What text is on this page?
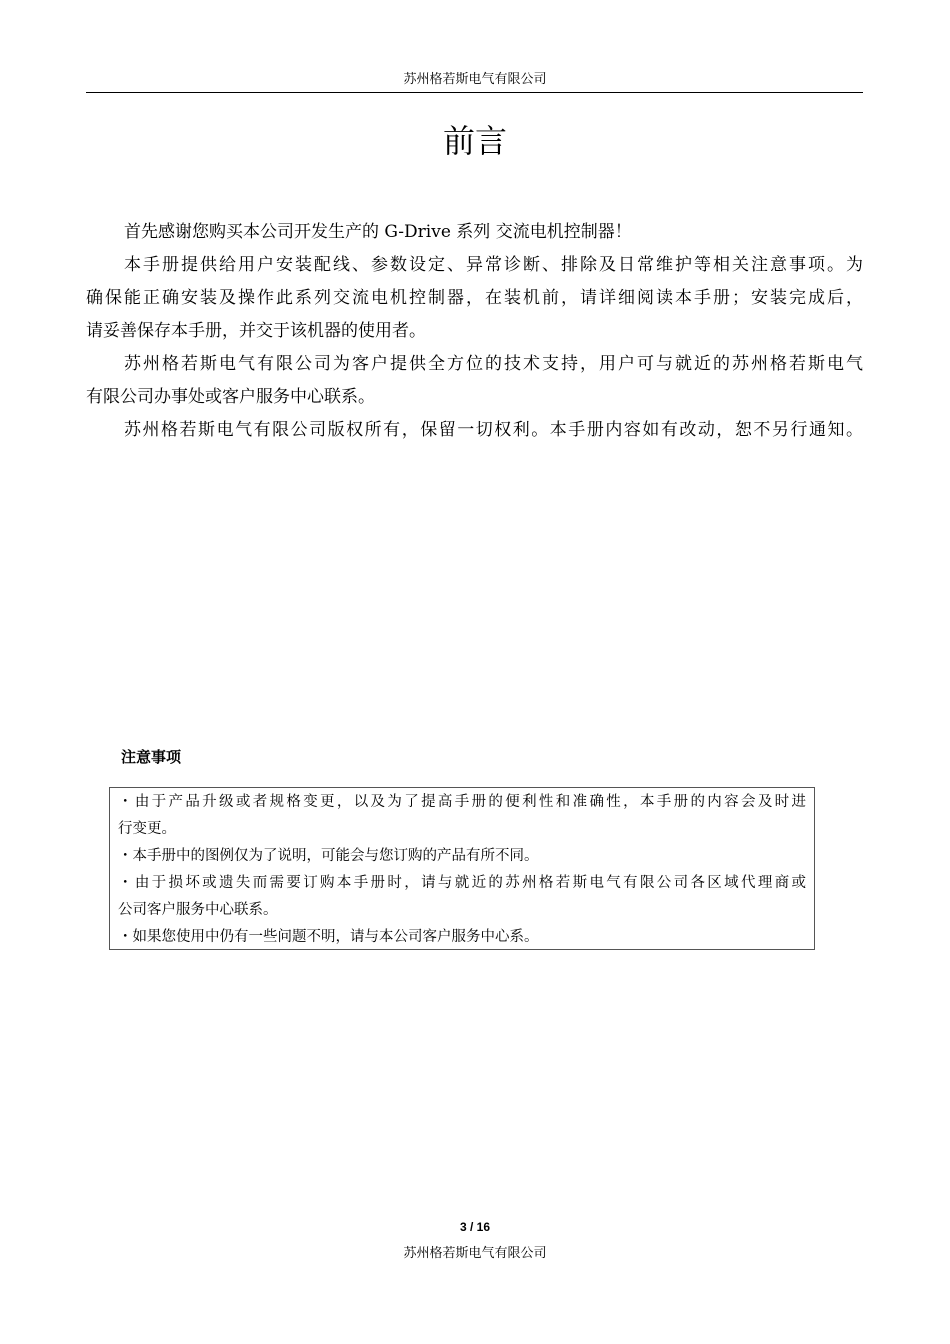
苏州格若斯电气有限公司
前言
首先感谢您购买本公司开发生产的 G-Drive 系列 交流电机控制器！
本手册提供给用户安装配线、参数设定、异常诊断、排除及日常维护等相关注意事项。为
确保能正确安装及操作此系列交流电机控制器，在装机前，请详细阅读本手册；安装完成后，
请妥善保存本手册，并交于该机器的使用者。
苏州格若斯电气有限公司为客户提供全方位的技术支持，用户可与就近的苏州格若斯电气
有限公司办事处或客户服务中心联系。
苏州格若斯电气有限公司版权所有，保留一切权利。本手册内容如有改动，恕不另行通知。
注意事项
・由于产品升级或者规格变更，以及为了提高手册的便利性和准确性，本手册的内容会及时进
行变更。
・本手册中的图例仅为了说明，可能会与您订购的产品有所不同。
・由于损坏或遗失而需要订购本手册时，请与就近的苏州格若斯电气有限公司各区域代理商或
公司客户服务中心联系。
・如果您使用中仍有一些问题不明，请与本公司客户服务中心系。
3 / 16
苏州格若斯电气有限公司
